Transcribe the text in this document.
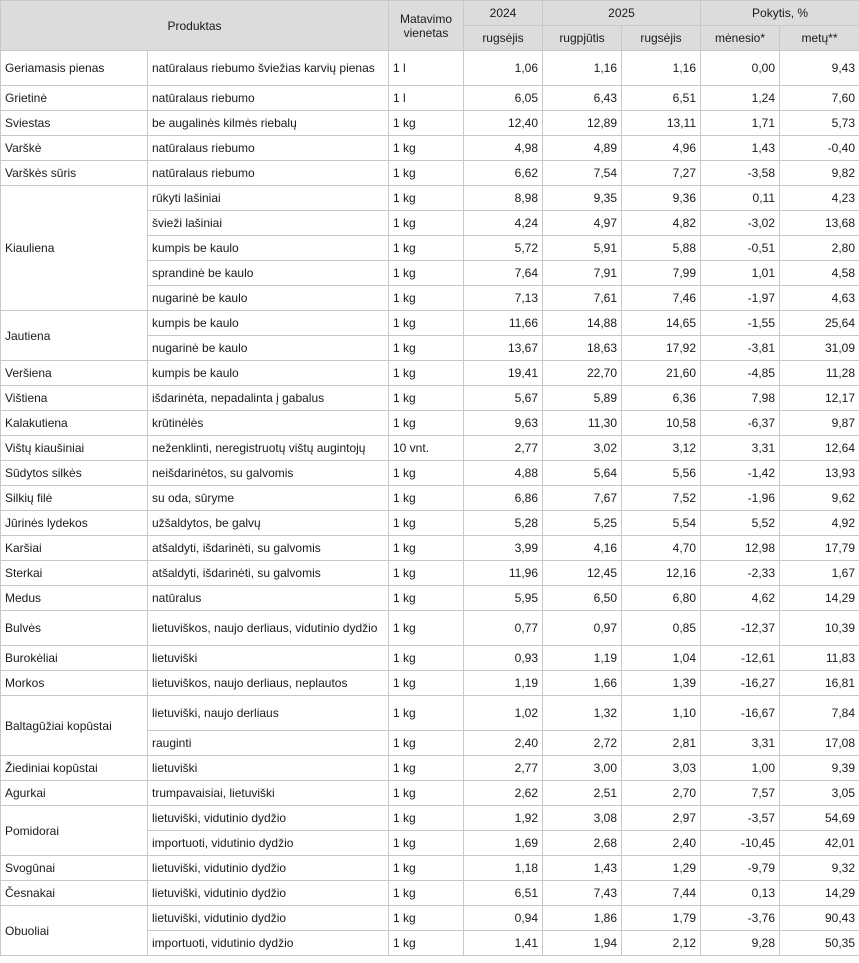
Produktas		Matavimo vienetas	2024	2025		Pokytis, %	
			rugsėjis	rugpjūtis	rugsėjis	mėnesio*	metų**
Geriamasis pienas	natūralaus riebumo šviežias karvių pienas	1 l	1,06	1,16	1,16	0,00	9,43
Grietinė	natūralaus riebumo	1 l	6,05	6,43	6,51	1,24	7,60
Sviestas	be augalinės kilmės riebalų	1 kg	12,40	12,89	13,11	1,71	5,73
Varškė	natūralaus riebumo	1 kg	4,98	4,89	4,96	1,43	-0,40
Varškės sūris	natūralaus riebumo	1 kg	6,62	7,54	7,27	-3,58	9,82
Kiauliena	rūkyti lašiniai	1 kg	8,98	9,35	9,36	0,11	4,23
	švieži lašiniai	1 kg	4,24	4,97	4,82	-3,02	13,68
	kumpis be kaulo	1 kg	5,72	5,91	5,88	-0,51	2,80
	sprandinė be kaulo	1 kg	7,64	7,91	7,99	1,01	4,58
	nugarinė be kaulo	1 kg	7,13	7,61	7,46	-1,97	4,63
Jautiena	kumpis be kaulo	1 kg	11,66	14,88	14,65	-1,55	25,64
	nugarinė be kaulo	1 kg	13,67	18,63	17,92	-3,81	31,09
Veršiena	kumpis be kaulo	1 kg	19,41	22,70	21,60	-4,85	11,28
Vištiena	išdarinėta, nepadalinta į gabalus	1 kg	5,67	5,89	6,36	7,98	12,17
Kalakutiena	krūtinėlės	1 kg	9,63	11,30	10,58	-6,37	9,87
Vištų kiaušiniai	neženklinti, neregistruotų vištų augintojų	10 vnt.	2,77	3,02	3,12	3,31	12,64
Sūdytos silkės	neišdarinėtos, su galvomis	1 kg	4,88	5,64	5,56	-1,42	13,93
Silkių filė	su oda, sūryme	1 kg	6,86	7,67	7,52	-1,96	9,62
Jūrinės lydekos	užšaldytos, be galvų	1 kg	5,28	5,25	5,54	5,52	4,92
Karšiai	atšaldyti, išdarinėti, su galvomis	1 kg	3,99	4,16	4,70	12,98	17,79
Sterkai	atšaldyti, išdarinėti, su galvomis	1 kg	11,96	12,45	12,16	-2,33	1,67
Medus	natūralus	1 kg	5,95	6,50	6,80	4,62	14,29
Bulvės	lietuviškos, naujo derliaus, vidutinio dydžio	1 kg	0,77	0,97	0,85	-12,37	10,39
Burokėliai	lietuviški	1 kg	0,93	1,19	1,04	-12,61	11,83
Morkos	lietuviškos, naujo derliaus, neplautos	1 kg	1,19	1,66	1,39	-16,27	16,81
Baltagūžiai kopūstai	lietuviški, naujo derliaus	1 kg	1,02	1,32	1,10	-16,67	7,84
	rauginti	1 kg	2,40	2,72	2,81	3,31	17,08
Žiediniai kopūstai	lietuviški	1 kg	2,77	3,00	3,03	1,00	9,39
Agurkai	trumpavaisiai, lietuviški	1 kg	2,62	2,51	2,70	7,57	3,05
Pomidorai	lietuviški, vidutinio dydžio	1 kg	1,92	3,08	2,97	-3,57	54,69
	importuoti, vidutinio dydžio	1 kg	1,69	2,68	2,40	-10,45	42,01
Svogūnai	lietuviški, vidutinio dydžio	1 kg	1,18	1,43	1,29	-9,79	9,32
Česnakai	lietuviški, vidutinio dydžio	1 kg	6,51	7,43	7,44	0,13	14,29
Obuoliai	lietuviški, vidutinio dydžio	1 kg	0,94	1,86	1,79	-3,76	90,43
	importuoti, vidutinio dydžio	1 kg	1,41	1,94	2,12	9,28	50,35
